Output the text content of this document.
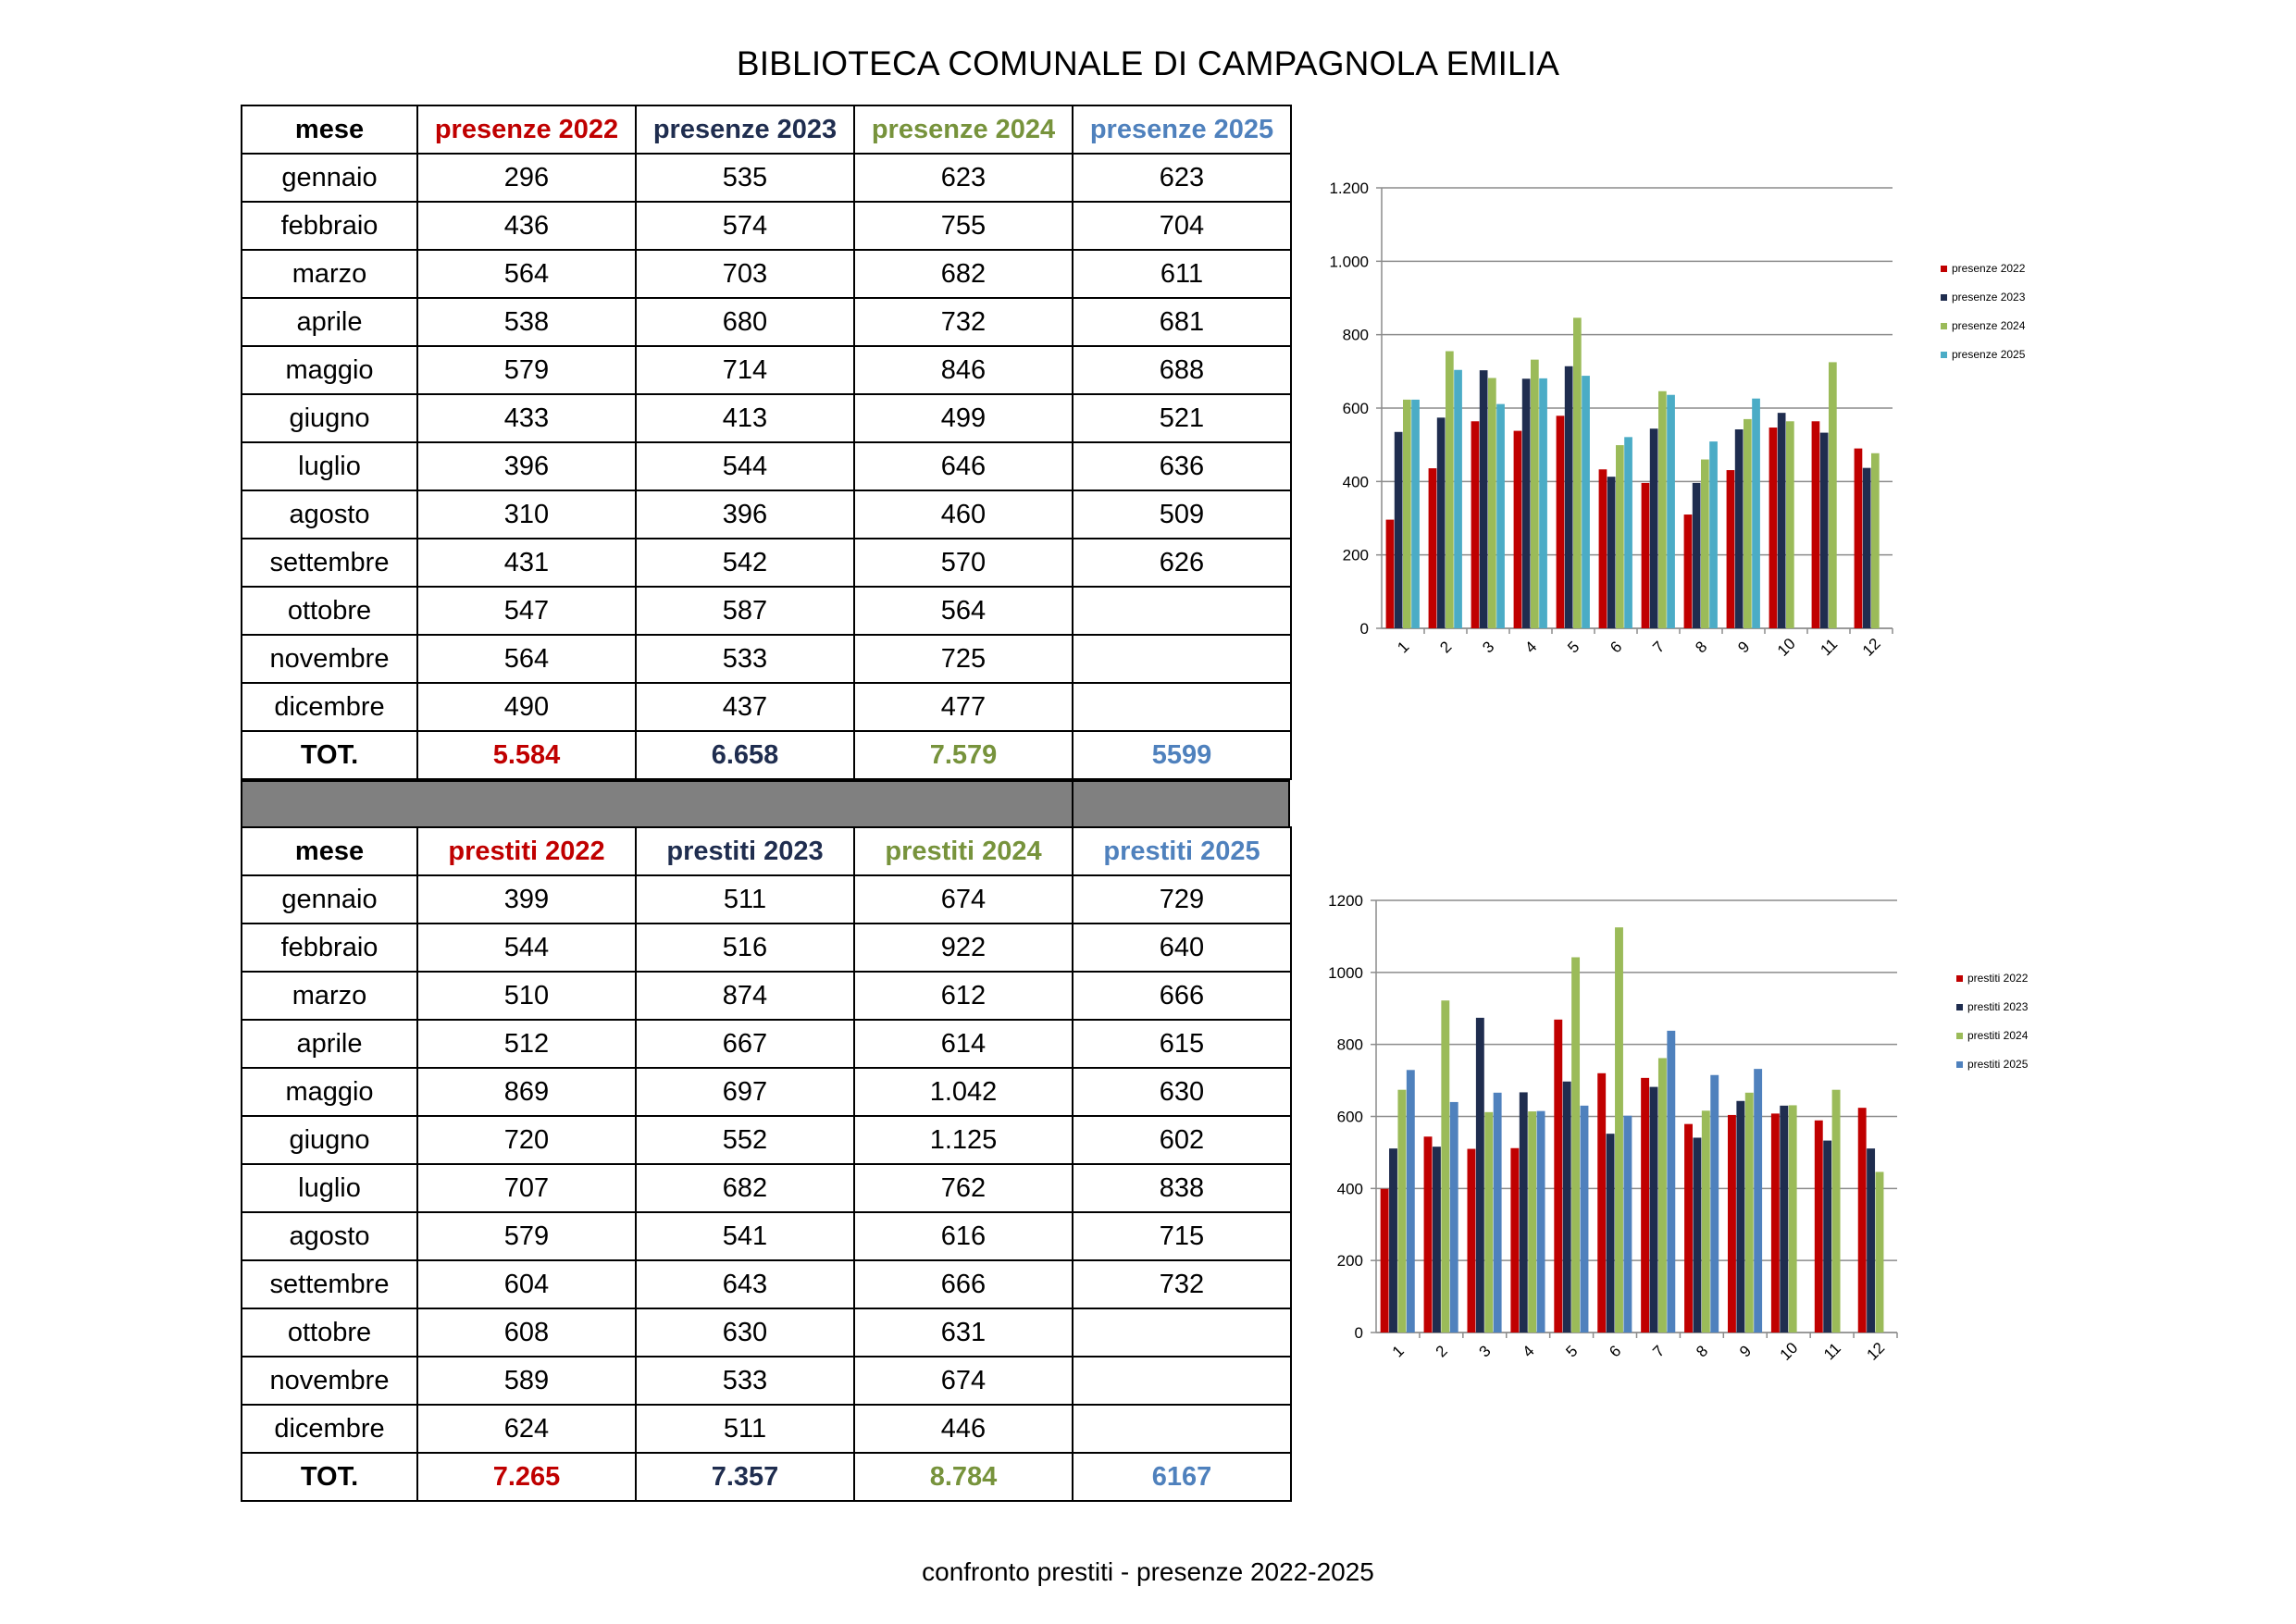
BIBLIOTECA COMUNALE DI CAMPAGNOLA EMILIA
mese	presenze 2022	presenze 2023	presenze 2024	presenze 2025
gennaio	296	535	623	623
febbraio	436	574	755	704
marzo	564	703	682	611
aprile	538	680	732	681
maggio	579	714	846	688
giugno	433	413	499	521
luglio	396	544	646	636
agosto	310	396	460	509
settembre	431	542	570	626
ottobre	547	587	564	
novembre	564	533	725	
dicembre	490	437	477	
TOT.	5.584	6.658	7.579	5599
mese	prestiti 2022	prestiti 2023	prestiti 2024	prestiti 2025
gennaio	399	511	674	729
febbraio	544	516	922	640
marzo	510	874	612	666
aprile	512	667	614	615
maggio	869	697	1.042	630
giugno	720	552	1.125	602
luglio	707	682	762	838
agosto	579	541	616	715
settembre	604	643	666	732
ottobre	608	630	631	
novembre	589	533	674	
dicembre	624	511	446	
TOT.	7.265	7.357	8.784	6167
0
200
400
600
800
1.000
1.200
1 2 3 4 5 6 7 8 9 10 11 12
presenze 2022
presenze 2023
presenze 2024
presenze 2025
0
200
400
600
800
1000
1200
1 2 3 4 5 6 7 8 9 10 11 12
prestiti 2022
prestiti 2023
prestiti 2024
prestiti 2025
confronto prestiti - presenze 2022-2025
